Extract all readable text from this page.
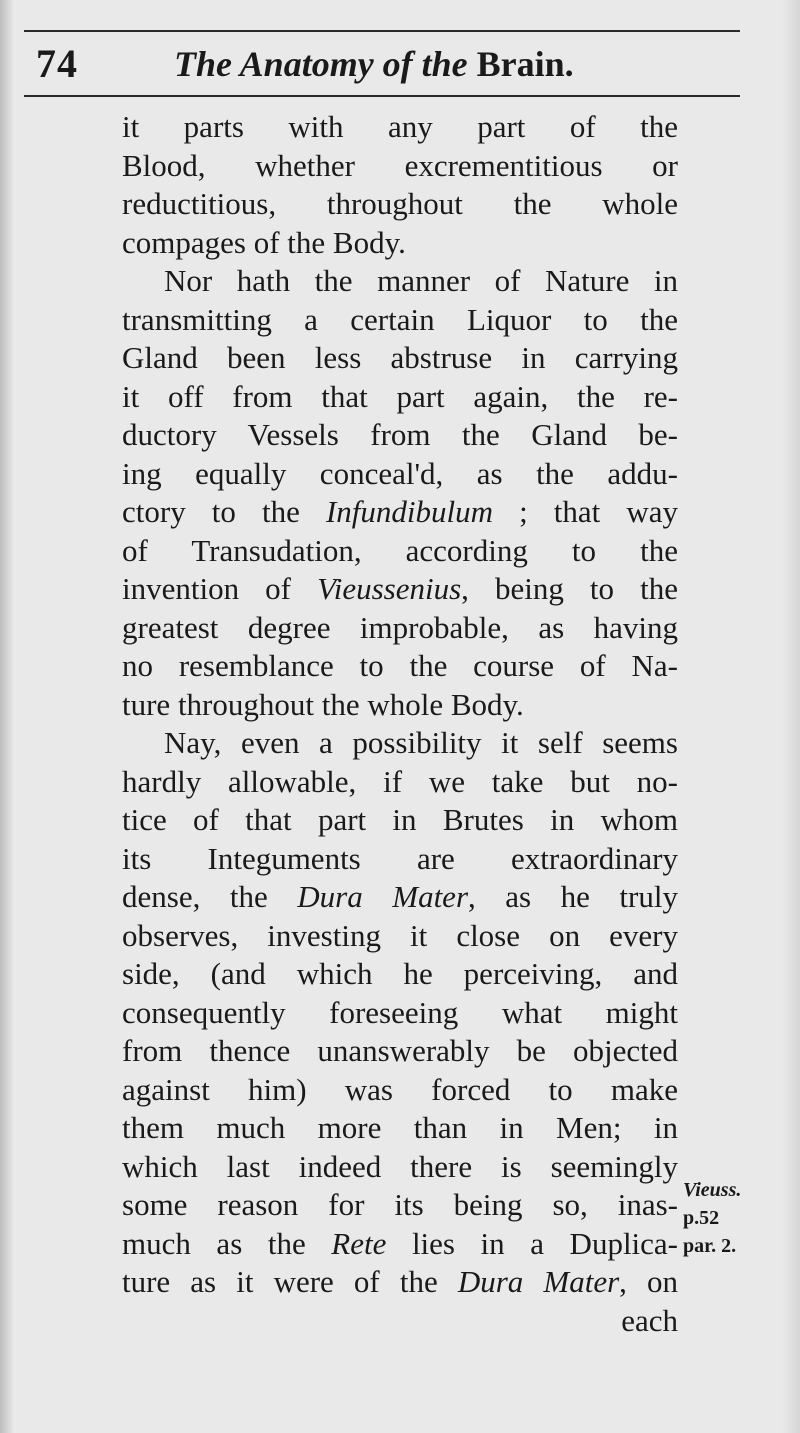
74	The Anatomy of the Brain.
it parts with any part of the
Blood, whether excrementitious or
reductitious, throughout the whole
compages of the Body.
Nor hath the manner of Nature in
transmitting a certain Liquor to the
Gland been less abstruse in carrying
it off from that part again, the re-
ductory Vessels from the Gland be-
ing equally conceal'd, as the addu-
ctory to the Infundibulum ; that way
of Transudation, according to the
invention of Vieussenius, being to the
greatest degree improbable, as having
no resemblance to the course of Na-
ture throughout the whole Body.
Nay, even a possibility it self seems
hardly allowable, if we take but no-
tice of that part in Brutes in whom
its Integuments are extraordinary
dense, the Dura Mater, as he truly
observes, investing it close on every
side, (and which he perceiving, and
consequently foreseeing what might
from thence unanswerably be objected
against him) was forced to make
them much more than in Men; in
which last indeed there is seemingly
some reason for its being so, inas-
much as the Rete lies in a Duplica-
ture as it were of the Dura Mater, on
each
Vieuss.
p.52
par. 2.
